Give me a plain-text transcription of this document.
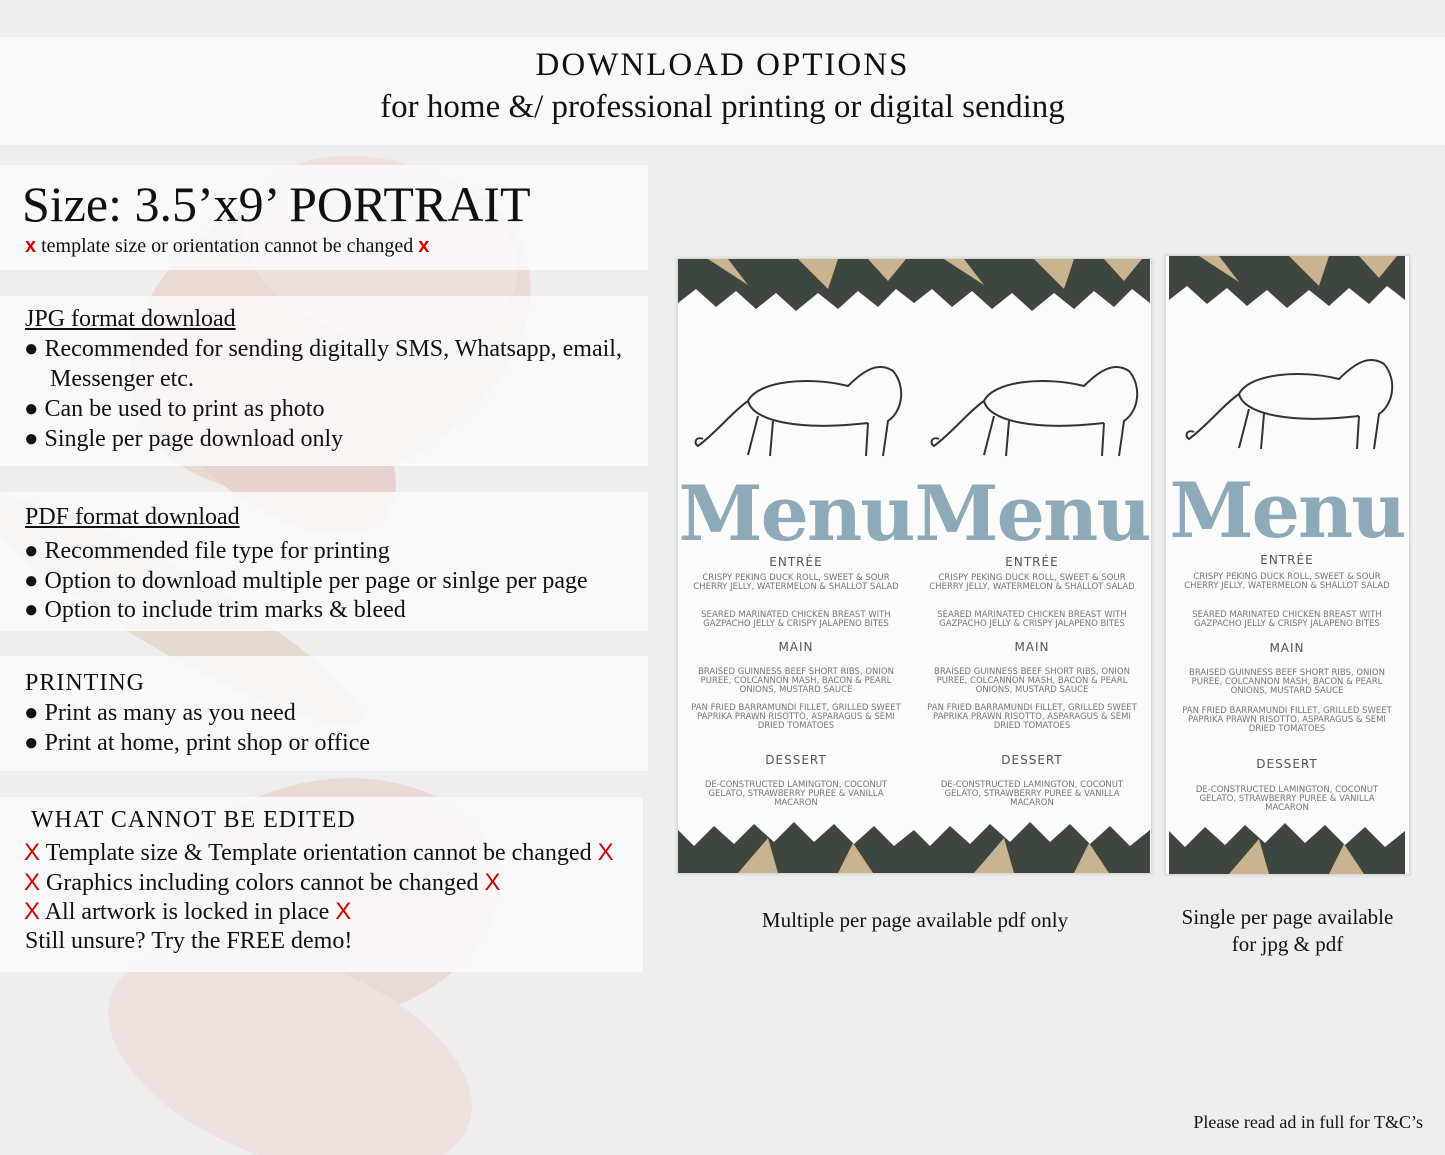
DOWNLOAD OPTIONS
for home &/ professional printing or digital sending
Size: 3.5’x9’ PORTRAIT
x template size or orientation cannot be changed x
JPG format download
● Recommended for sending digitally SMS, Whatsapp, email,
Messenger etc.
● Can be used to print as photo
● Single per page download only
PDF format download
● Recommended file type for printing
● Option to download multiple per page or sinlge per page
● Option to include trim marks & bleed
PRINTING
● Print as many as you need
● Print at home, print shop or office
WHAT CANNOT BE EDITED
X Template size & Template orientation cannot be changed X
X Graphics including colors cannot be changed X
X All artwork is locked in place X
Still unsure? Try the FREE demo!
Menu
ENTRÉE
CRISPY PEKING DUCK ROLL, SWEET & SOUR CHERRY JELLY, WATERMELON & SHALLOT SALAD
SEARED MARINATED CHICKEN BREAST WITH GAZPACHO JELLY & CRISPY JALAPENO BITES
MAIN
BRAISED GUINNESS BEEF SHORT RIBS, ONION PUREE, COLCANNON MASH, BACON & PEARL ONIONS, MUSTARD SAUCE
PAN FRIED BARRAMUNDI FILLET, GRILLED SWEET PAPRIKA PRAWN RISOTTO, ASPARAGUS & SEMI DRIED TOMATOES
DESSERT
DE-CONSTRUCTED LAMINGTON, COCONUT GELATO, STRAWBERRY PUREE & VANILLA MACARON
Menu
ENTRÉE
CRISPY PEKING DUCK ROLL, SWEET & SOUR CHERRY JELLY, WATERMELON & SHALLOT SALAD
SEARED MARINATED CHICKEN BREAST WITH GAZPACHO JELLY & CRISPY JALAPENO BITES
MAIN
BRAISED GUINNESS BEEF SHORT RIBS, ONION PUREE, COLCANNON MASH, BACON & PEARL ONIONS, MUSTARD SAUCE
PAN FRIED BARRAMUNDI FILLET, GRILLED SWEET PAPRIKA PRAWN RISOTTO, ASPARAGUS & SEMI DRIED TOMATOES
DESSERT
DE-CONSTRUCTED LAMINGTON, COCONUT GELATO, STRAWBERRY PUREE & VANILLA MACARON
Menu
ENTRÉE
CRISPY PEKING DUCK ROLL, SWEET & SOUR CHERRY JELLY, WATERMELON & SHALLOT SALAD
SEARED MARINATED CHICKEN BREAST WITH GAZPACHO JELLY & CRISPY JALAPENO BITES
MAIN
BRAISED GUINNESS BEEF SHORT RIBS, ONION PUREE, COLCANNON MASH, BACON & PEARL ONIONS, MUSTARD SAUCE
PAN FRIED BARRAMUNDI FILLET, GRILLED SWEET PAPRIKA PRAWN RISOTTO, ASPARAGUS & SEMI DRIED TOMATOES
DESSERT
DE-CONSTRUCTED LAMINGTON, COCONUT GELATO, STRAWBERRY PUREE & VANILLA MACARON
Multiple per page available pdf only	Single per page available
for jpg & pdf
Please read ad in full for T&C’s
